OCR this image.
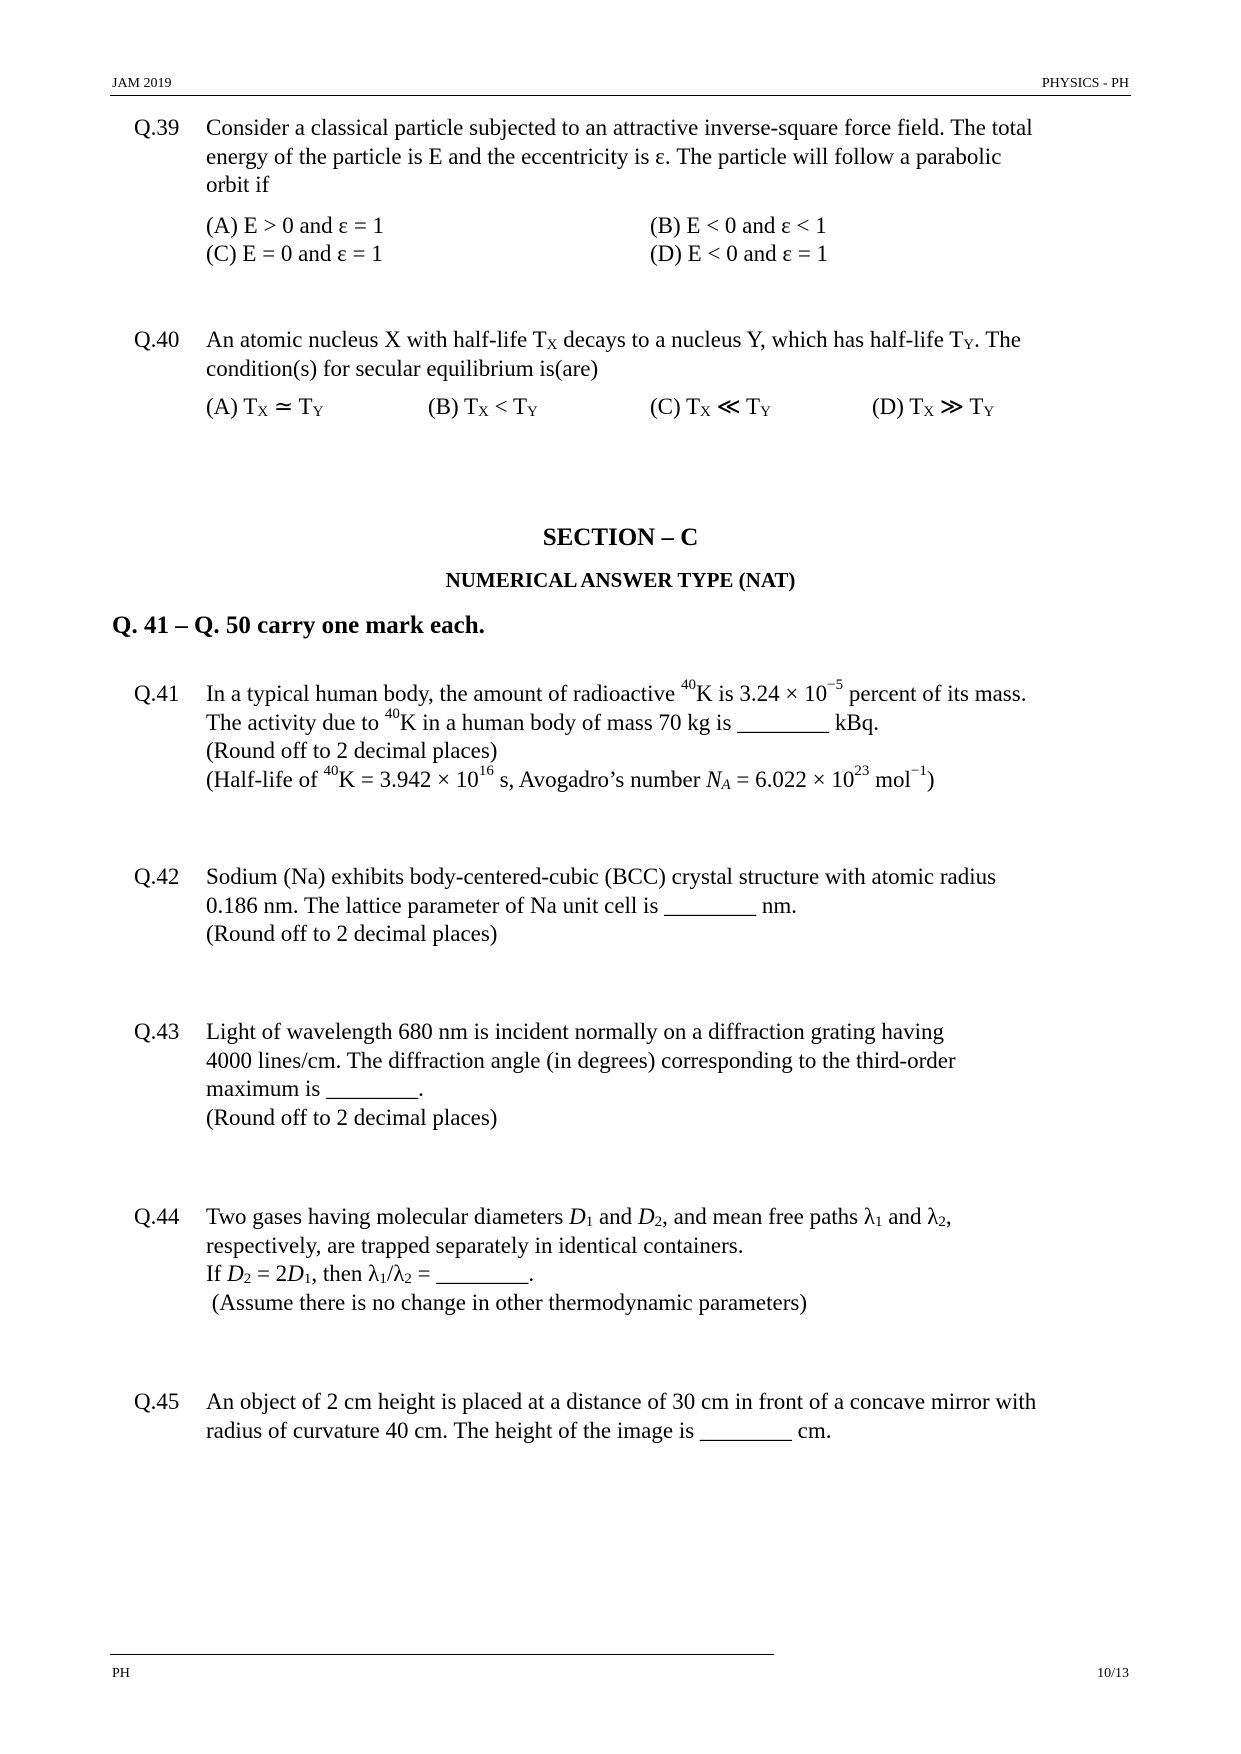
JAM 2019	PHYSICS - PH
Q.39	Consider a classical particle subjected to an attractive inverse-square force field. The total
energy of the particle is E and the eccentricity is ε. The particle will follow a parabolic
orbit if
(A) E > 0 and ε = 1	(B) E < 0 and ε < 1
(C) E = 0 and ε = 1	(D) E < 0 and ε = 1
Q.40	An atomic nucleus X with half-life $T_X$ decays to a nucleus Y, which has half-life $T_Y$. The
condition(s) for secular equilibrium is(are)
(A) $T_X$ ≃ $T_Y$	(B) $T_X < T_Y$	(C) $T_X$ ≪ $T_Y$	(D) $T_X$ ≫ $T_Y$
SECTION – C
NUMERICAL ANSWER TYPE (NAT)
Q. 41 – Q. 50 carry one mark each.
Q.41	In a typical human body, the amount of radioactive $^{40}$K is $3.24 \times 10^{-5}$ percent of its mass.
The activity due to $^{40}$K in a human body of mass 70 kg is ________ kBq.
(Round off to 2 decimal places)
(Half-life of $^{40}K = 3.942 \times 10^{16}$ s, Avogadro’s number $N_A = 6.022 \times 10^{23}$ mol$^{-1}$)
Q.42	Sodium (Na) exhibits body-centered-cubic (BCC) crystal structure with atomic radius
0.186 nm. The lattice parameter of Na unit cell is ________ nm.
(Round off to 2 decimal places)
Q.43	Light of wavelength 680 nm is incident normally on a diffraction grating having
4000 lines/cm. The diffraction angle (in degrees) corresponding to the third-order
maximum is ________.
(Round off to 2 decimal places)
Q.44	Two gases having molecular diameters $D_1$ and $D_2$, and mean free paths $\lambda_1$ and $\lambda_2$,
respectively, are trapped separately in identical containers.
If $D_2 = 2D_1$, then $\lambda_1/\lambda_2$ = ________.
(Assume there is no change in other thermodynamic parameters)
Q.45	An object of 2 cm height is placed at a distance of 30 cm in front of a concave mirror with
radius of curvature 40 cm. The height of the image is ________ cm.
PH	10/13
